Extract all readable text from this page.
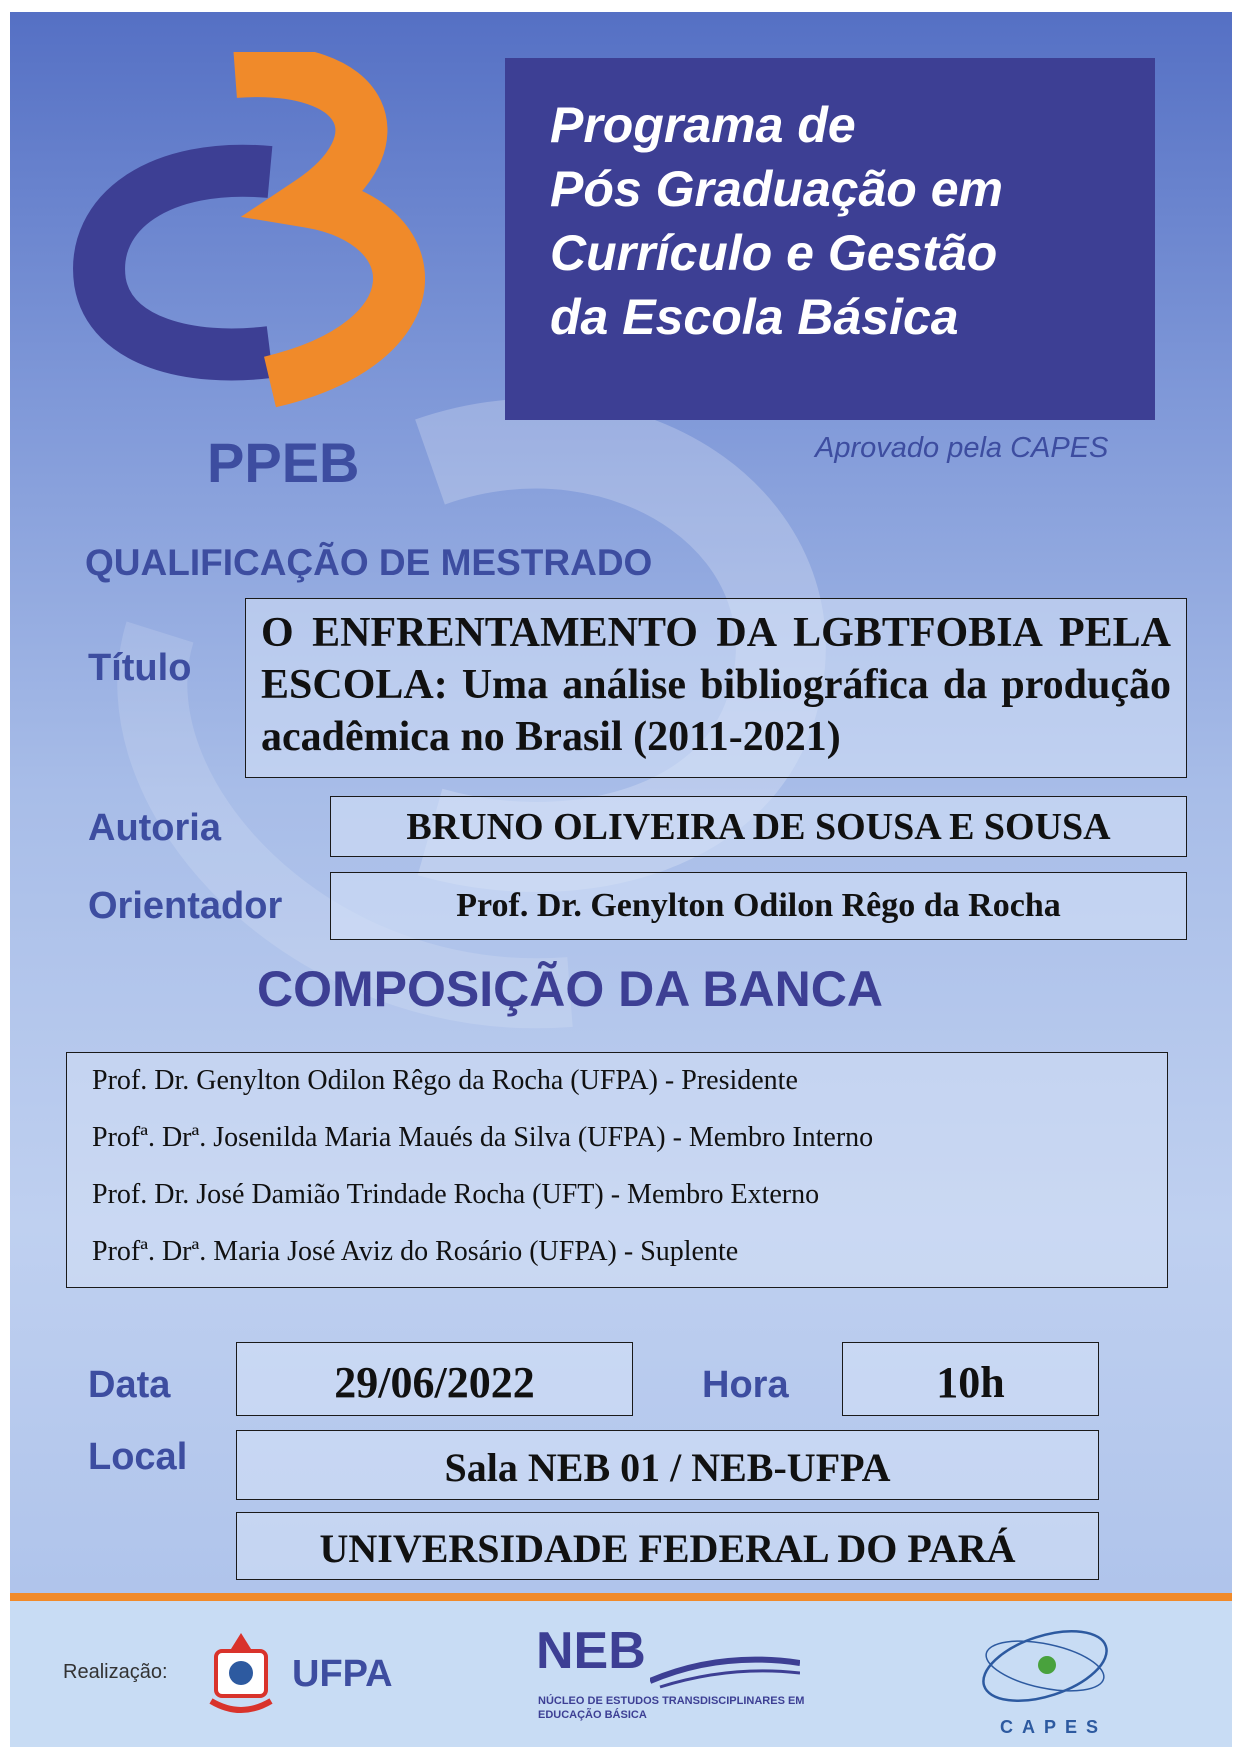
PPEB
Programa de
Pós Graduação em
Currículo e Gestão
da Escola Básica
Aprovado pela CAPES
QUALIFICAÇÃO DE MESTRADO
Título
O ENFRENTAMENTO DA LGBTFOBIA PELA ESCOLA: Uma análise bibliográfica da produção acadêmica no Brasil (2011-2021)
Autoria	BRUNO OLIVEIRA DE SOUSA E SOUSA
Orientador	Prof. Dr. Genylton Odilon Rêgo da Rocha
COMPOSIÇÃO DA BANCA
Prof. Dr. Genylton Odilon Rêgo da Rocha (UFPA) - Presidente
Profª. Drª. Josenilda Maria Maués da Silva (UFPA) - Membro Interno
Prof. Dr. José Damião Trindade Rocha (UFT) - Membro Externo
Profª. Drª. Maria José Aviz do Rosário (UFPA) - Suplente
Data	29/06/2022	Hora	10h
Local	Sala NEB 01 / NEB-UFPA
UNIVERSIDADE FEDERAL DO PARÁ
Realização:	UFPA	NEB
NÚCLEO DE ESTUDOS TRANSDISCIPLINARES EM
EDUCAÇÃO BÁSICA
CAPES
